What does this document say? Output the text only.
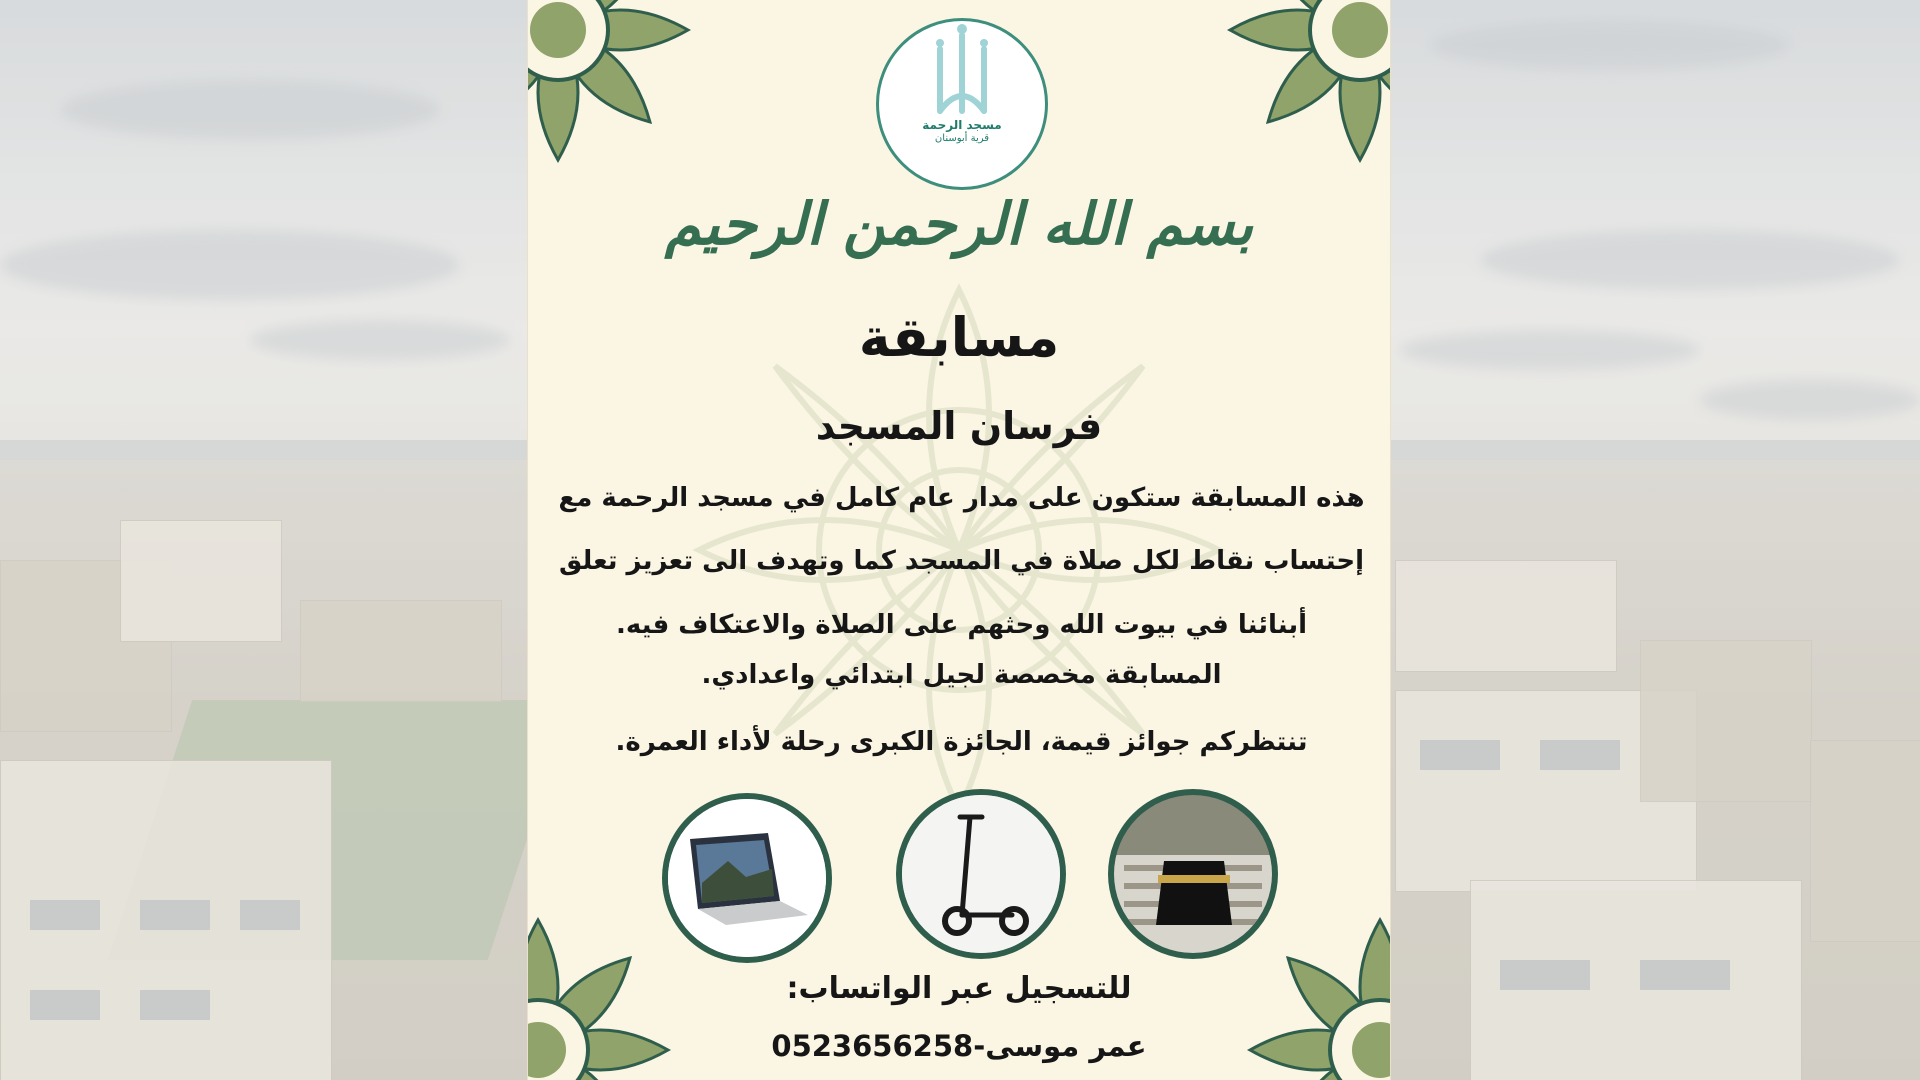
مسجد الرحمة
قرية أبوسنان
بسم الله الرحمن الرحيم
مسابقة
فرسان المسجد
هذه المسابقة ستكون على مدار عام كامل في مسجد الرحمة مع
إحتساب نقاط لكل صلاة في المسجد كما وتهدف الى تعزيز تعلق
أبنائنا في بيوت الله وحثهم على الصلاة والاعتكاف فيه.
المسابقة مخصصة لجيل ابتدائي واعدادي.
تنتظركم جوائز قيمة، الجائزة الكبرى رحلة لأداء العمرة.
للتسجيل عبر الواتساب:
عمر موسى-0523656258
